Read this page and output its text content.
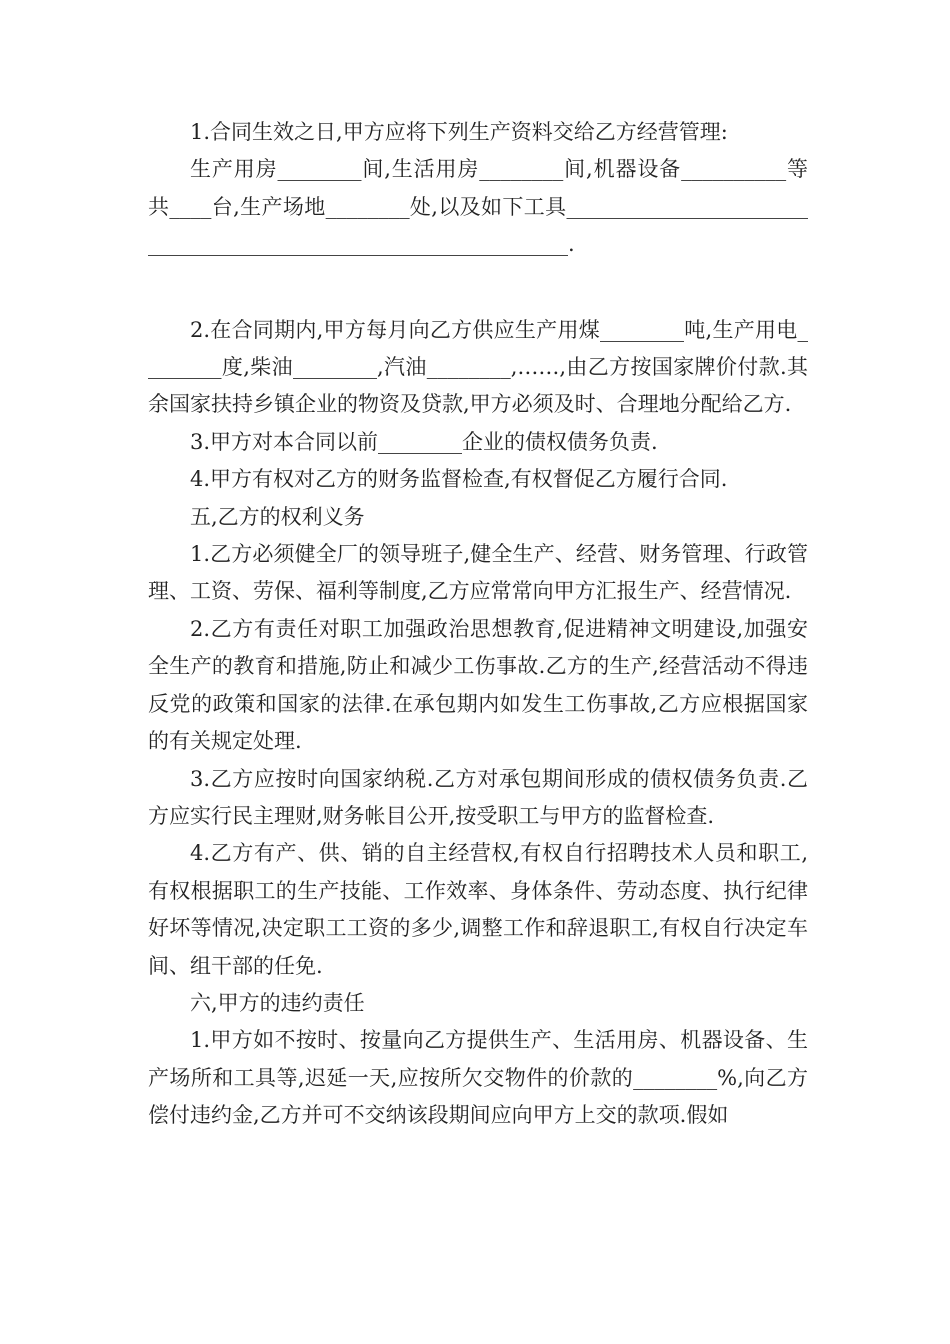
1.合同生效之日,甲方应将下列生产资料交给乙方经营管理:

生产用房________间,生活用房________间,机器设备__________等共____台,生产场地________处,以及如下工具_______________________________________________________________.

2.在合同期内,甲方每月向乙方供应生产用煤________吨,生产用电________度,柴油________,汽油________,……,由乙方按国家牌价付款.其余国家扶持乡镇企业的物资及贷款,甲方必须及时、合理地分配给乙方.

3.甲方对本合同以前________企业的债权债务负责.

4.甲方有权对乙方的财务监督检查,有权督促乙方履行合同.

五,乙方的权利义务

1.乙方必须健全厂的领导班子,健全生产、经营、财务管理、行政管理、工资、劳保、福利等制度,乙方应常常向甲方汇报生产、经营情况.

2.乙方有责任对职工加强政治思想教育,促进精神文明建设,加强安全生产的教育和措施,防止和减少工伤事故.乙方的生产,经营活动不得违反党的政策和国家的法律.在承包期内如发生工伤事故,乙方应根据国家的有关规定处理.

3.乙方应按时向国家纳税.乙方对承包期间形成的债权债务负责.乙方应实行民主理财,财务帐目公开,按受职工与甲方的监督检查.

4.乙方有产、供、销的自主经营权,有权自行招聘技术人员和职工,有权根据职工的生产技能、工作效率、身体条件、劳动态度、执行纪律好坏等情况,决定职工工资的多少,调整工作和辞退职工,有权自行决定车间、组干部的任免.

六,甲方的违约责任

1.甲方如不按时、按量向乙方提供生产、生活用房、机器设备、生产场所和工具等,迟延一天,应按所欠交物件的价款的________%,向乙方偿付违约金,乙方并可不交纳该段期间应向甲方上交的款项.假如
